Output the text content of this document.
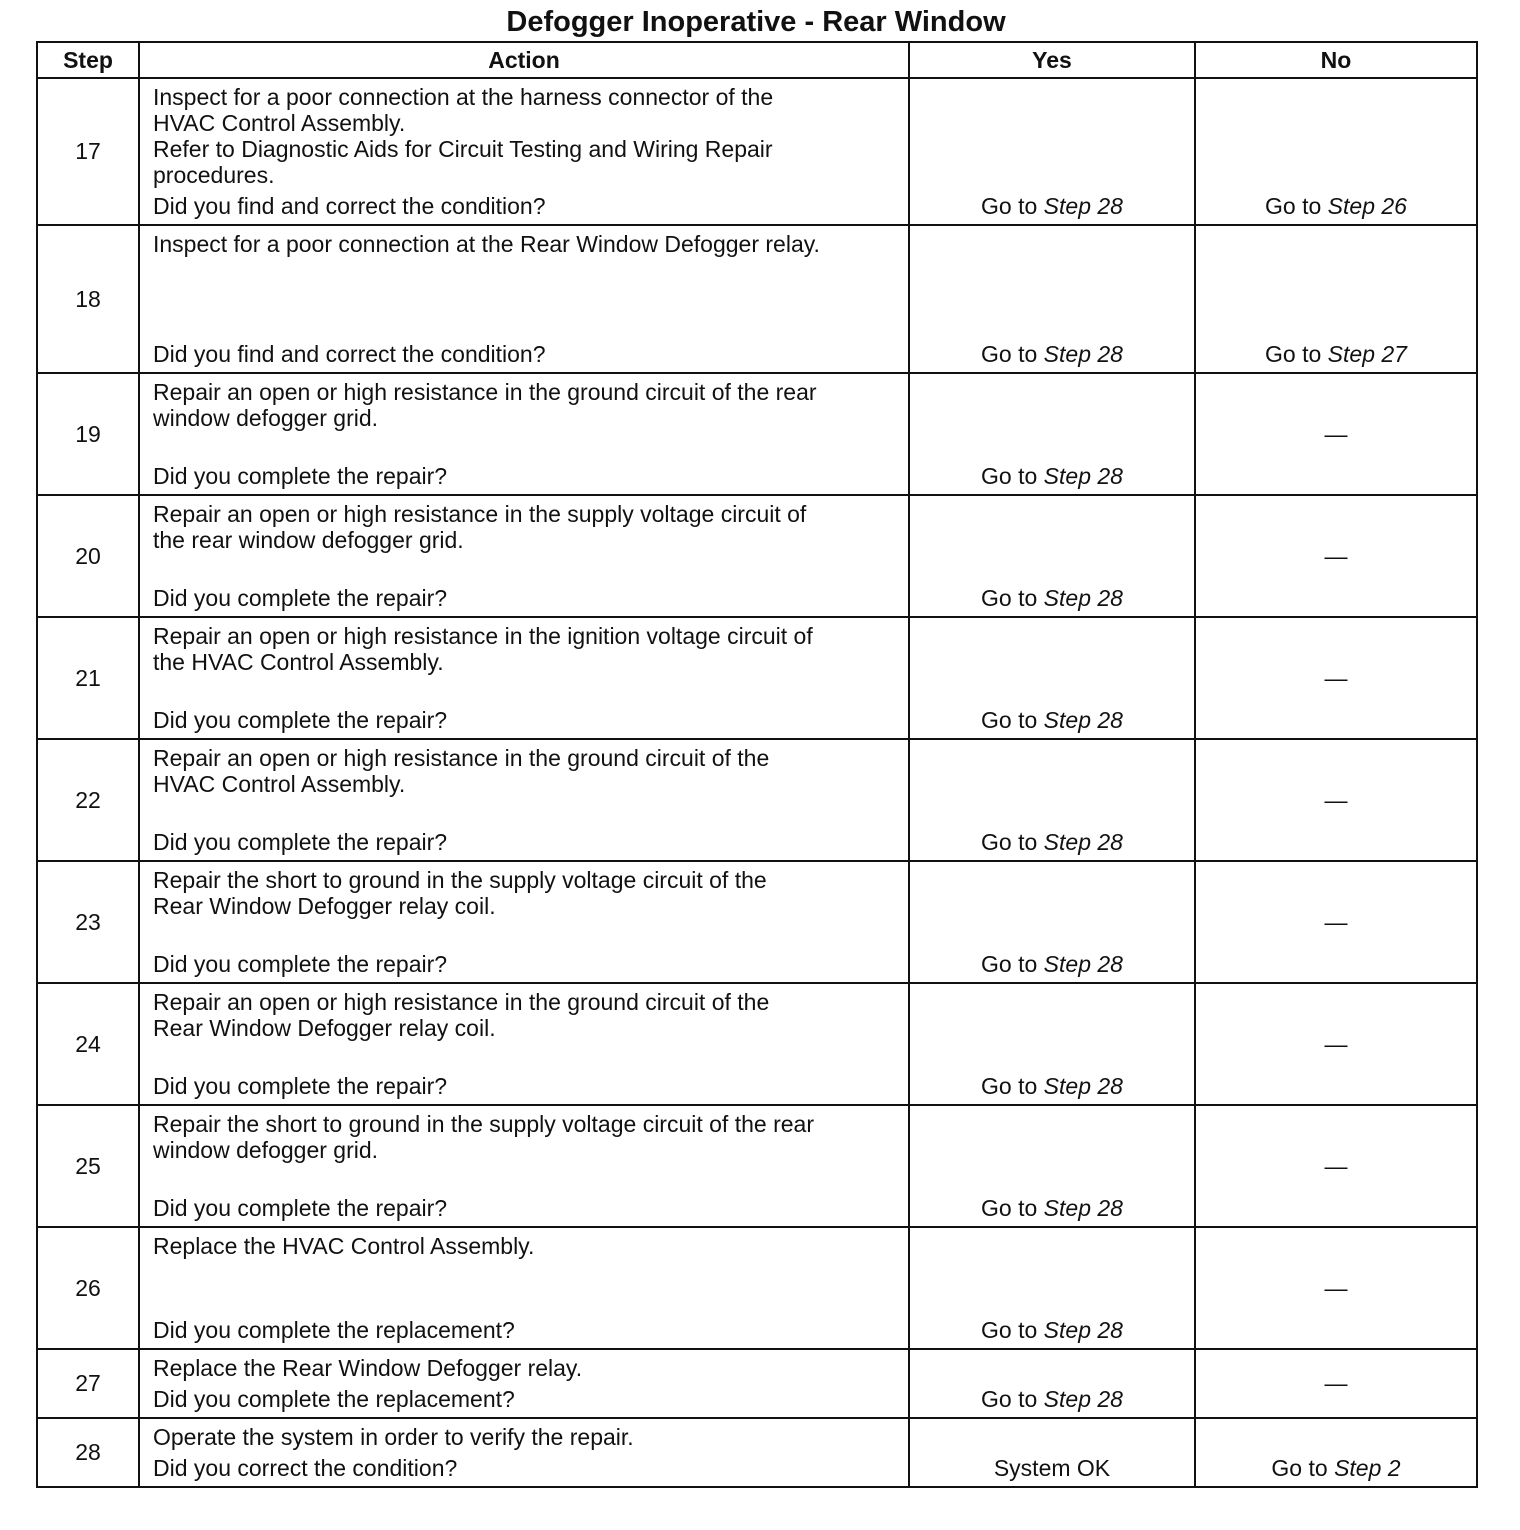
Defogger Inoperative - Rear Window
Step	Action	Yes	No
17	Inspect for a poor connection at the harness connector of the
HVAC Control Assembly.
Refer to Diagnostic Aids for Circuit Testing and Wiring Repair
procedures.
Did you find and correct the condition?	Go to Step 28	Go to Step 26
18	Inspect for a poor connection at the Rear Window Defogger relay.
Did you find and correct the condition?	Go to Step 28	Go to Step 27
19	Repair an open or high resistance in the ground circuit of the rear
window defogger grid.
Did you complete the repair?	Go to Step 28	—
20	Repair an open or high resistance in the supply voltage circuit of
the rear window defogger grid.
Did you complete the repair?	Go to Step 28	—
21	Repair an open or high resistance in the ignition voltage circuit of
the HVAC Control Assembly.
Did you complete the repair?	Go to Step 28	—
22	Repair an open or high resistance in the ground circuit of the
HVAC Control Assembly.
Did you complete the repair?	Go to Step 28	—
23	Repair the short to ground in the supply voltage circuit of the
Rear Window Defogger relay coil.
Did you complete the repair?	Go to Step 28	—
24	Repair an open or high resistance in the ground circuit of the
Rear Window Defogger relay coil.
Did you complete the repair?	Go to Step 28	—
25	Repair the short to ground in the supply voltage circuit of the rear
window defogger grid.
Did you complete the repair?	Go to Step 28	—
26	Replace the HVAC Control Assembly.
Did you complete the replacement?	Go to Step 28	—
27	Replace the Rear Window Defogger relay.
Did you complete the replacement?	Go to Step 28	—
28	Operate the system in order to verify the repair.
Did you correct the condition?	System OK	Go to Step 2
